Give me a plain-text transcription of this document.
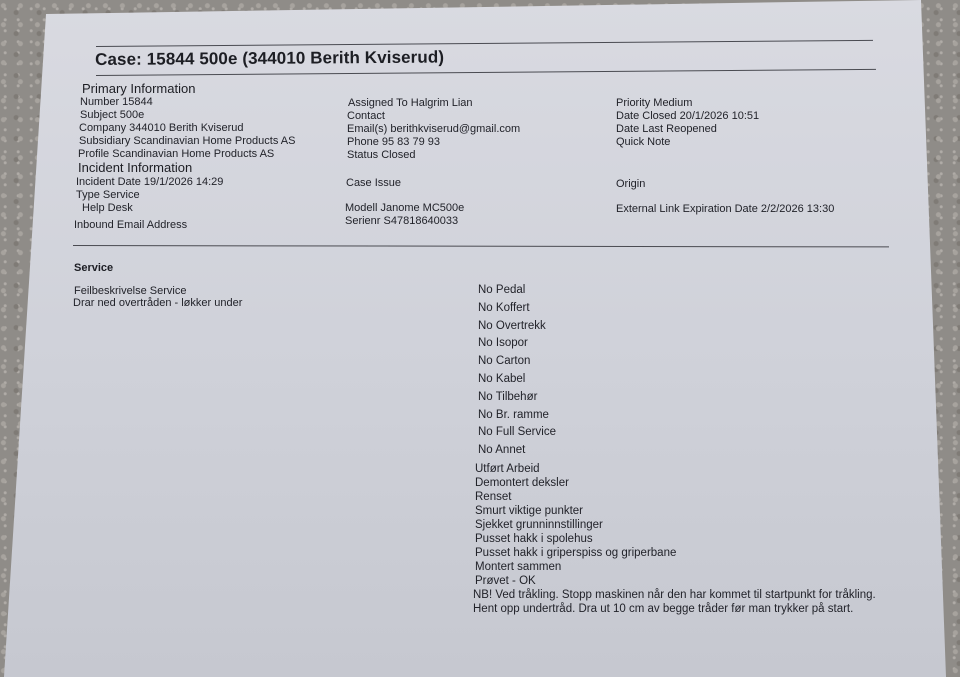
Case: 15844 500e (344010 Berith Kviserud)
Primary Information
Number 15844
Subject 500e
Company 344010 Berith Kviserud
Subsidiary Scandinavian Home Products AS
Profile Scandinavian Home Products AS
Assigned To Halgrim Lian
Contact
Email(s) berithkviserud@gmail.com
Phone 95 83 79 93
Status Closed
Priority Medium
Date Closed 20/1/2026 10:51
Date Last Reopened
Quick Note
Incident Information
Incident Date 19/1/2026 14:29
Type Service
Help Desk
Inbound Email Address
Case Issue
Modell Janome MC500e
Serienr S47818640033
Origin
External Link Expiration Date 2/2/2026 13:30
Service
Feilbeskrivelse Service
Drar ned overtråden - løkker under
No Pedal
No Koffert
No Overtrekk
No Isopor
No Carton
No Kabel
No Tilbehør
No Br. ramme
No Full Service
No Annet
Utført Arbeid
Demontert deksler
Renset
Smurt viktige punkter
Sjekket grunninnstillinger
Pusset hakk i spolehus
Pusset hakk i griperspiss og griperbane
Montert sammen
Prøvet - OK
NB! Ved tråkling. Stopp maskinen når den har kommet til startpunkt for tråkling. Hent opp undertråd. Dra ut 10 cm av begge tråder før man trykker på start.
